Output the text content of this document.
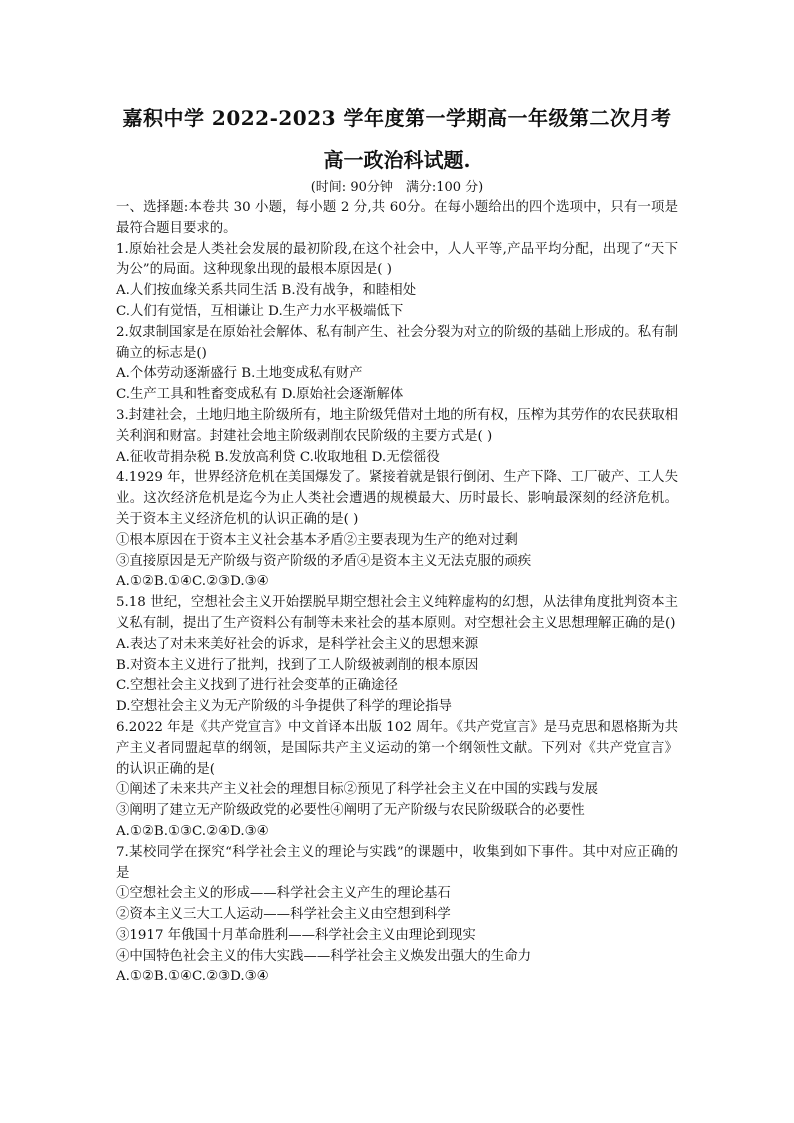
嘉积中学 2022-2023 学年度第一学期高一年级第二次月考
高一政治科试题.
(时间: 90分钟　满分:100 分)

一、选择题:本卷共 30 小题，每小题 2 分,共 60分。在每小题给出的四个选项中，只有一项是最符合题目要求的。

1.原始社会是人类社会发展的最初阶段,在这个社会中，人人平等,产品平均分配，出现了“天下为公”的局面。这种现象出现的最根本原因是( )

A.人们按血缘关系共同生活 B.没有战争，和睦相处

C.人们有觉悟，互相谦让 D.生产力水平极端低下

2.奴隶制国家是在原始社会解体、私有制产生、社会分裂为对立的阶级的基础上形成的。私有制确立的标志是()

A.个体劳动逐渐盛行 B.土地变成私有财产

C.生产工具和牲畜变成私有 D.原始社会逐渐解体

3.封建社会，土地归地主阶级所有，地主阶级凭借对土地的所有权，压榨为其劳作的农民获取相关利润和财富。封建社会地主阶级剥削农民阶级的主要方式是( )

A.征收苛捐杂税 B.发放高利贷 C.收取地租 D.无偿徭役

4.1929 年，世界经济危机在美国爆发了。紧接着就是银行倒闭、生产下降、工厂破产、工人失业。这次经济危机是迄今为止人类社会遭遇的规模最大、历时最长、影响最深刻的经济危机。关于资本主义经济危机的认识正确的是( )

①根本原因在于资本主义社会基本矛盾②主要表现为生产的绝对过剩

③直接原因是无产阶级与资产阶级的矛盾④是资本主义无法克服的顽疾

A.①②B.①④C.②③D.③④

5.18 世纪，空想社会主义开始摆脱早期空想社会主义纯粹虚构的幻想，从法律角度批判资本主义私有制，提出了生产资料公有制等未来社会的基本原则。对空想社会主义思想理解正确的是()

A.表达了对未来美好社会的诉求，是科学社会主义的思想来源

B.对资本主义进行了批判，找到了工人阶级被剥削的根本原因

C.空想社会主义找到了进行社会变革的正确途径

D.空想社会主义为无产阶级的斗争提供了科学的理论指导

6.2022 年是《共产党宣言》中文首译本出版 102 周年。《共产党宣言》是马克思和恩格斯为共产主义者同盟起草的纲领，是国际共产主义运动的第一个纲领性文献。下列对《共产党宣言》的认识正确的是(

①阐述了未来共产主义社会的理想目标②预见了科学社会主义在中国的实践与发展

③阐明了建立无产阶级政党的必要性④阐明了无产阶级与农民阶级联合的必要性

A.①②B.①③C.②④D.③④

7.某校同学在探究“科学社会主义的理论与实践”的课题中，收集到如下事件。其中对应正确的是

①空想社会主义的形成——科学社会主义产生的理论基石

②资本主义三大工人运动——科学社会主义由空想到科学

③1917 年俄国十月革命胜利——科学社会主义由理论到现实

④中国特色社会主义的伟大实践——科学社会主义焕发出强大的生命力

A.①②B.①④C.②③D.③④
